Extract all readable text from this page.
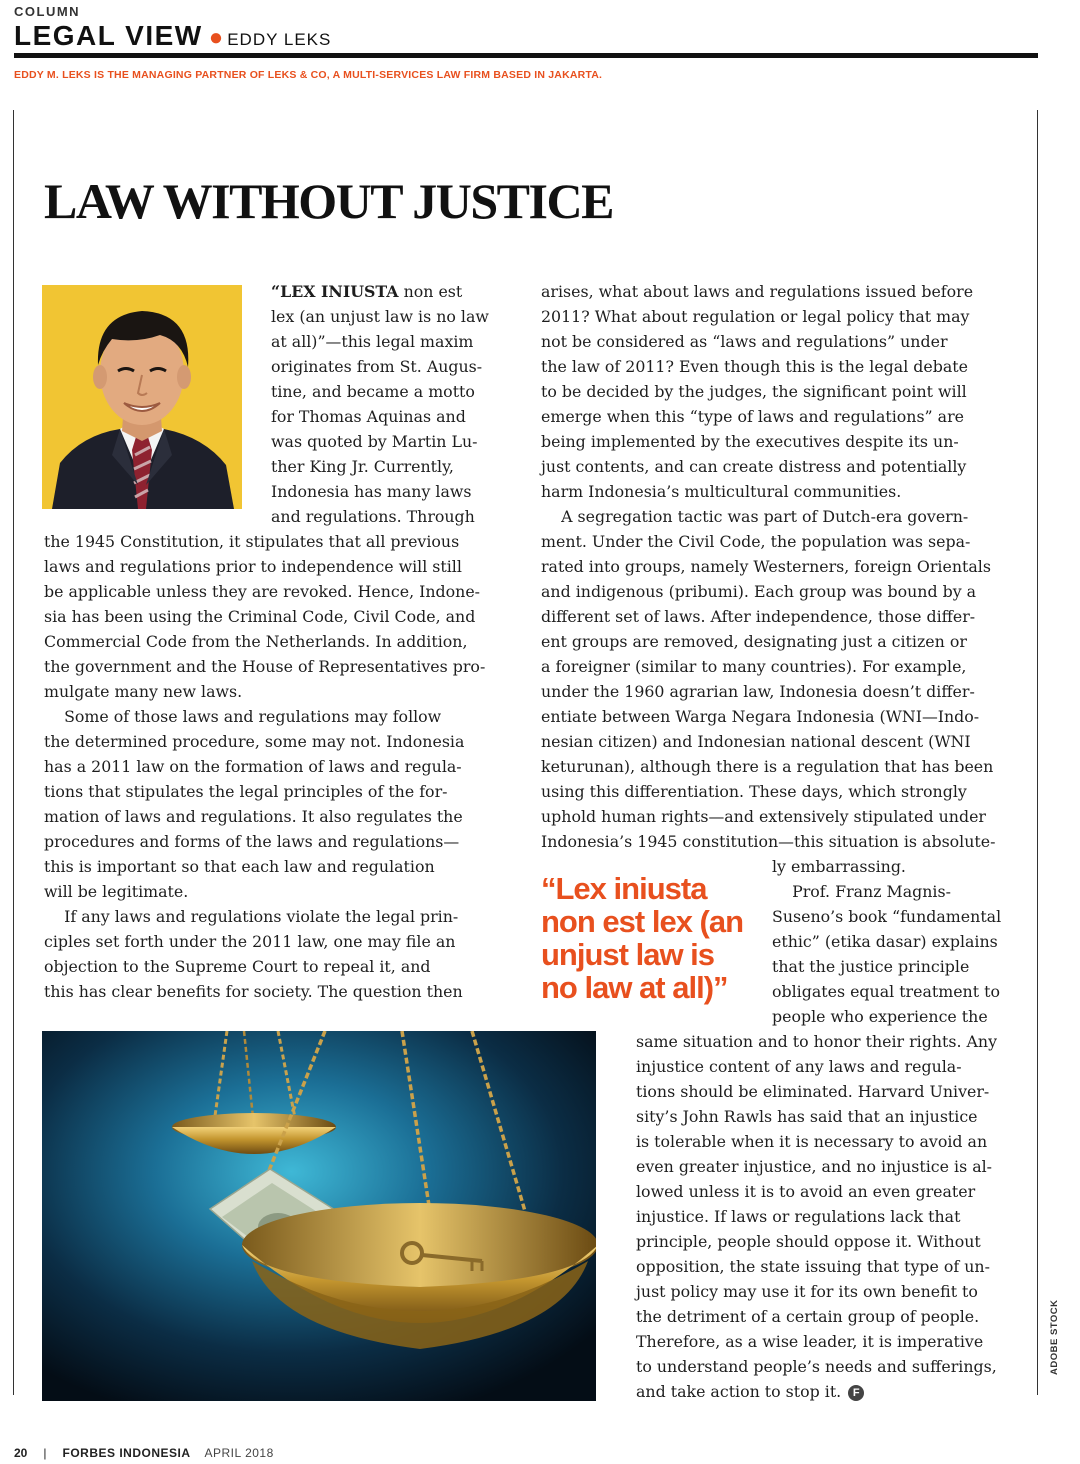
COLUMN
LEGAL VIEW ● EDDY LEKS
EDDY M. LEKS IS THE MANAGING PARTNER OF LEKS & CO, A MULTI-SERVICES LAW FIRM BASED IN JAKARTA.
LAW WITHOUT JUSTICE
“LEX INIUSTA non est
lex (an unjust law is no law
at all)”—this legal maxim
originates from St. Augus-
tine, and became a motto
for Thomas Aquinas and
was quoted by Martin Lu-
ther King Jr. Currently,
Indonesia has many laws
and regulations. Through
the 1945 Constitution, it stipulates that all previous
laws and regulations prior to independence will still
be applicable unless they are revoked. Hence, Indone-
sia has been using the Criminal Code, Civil Code, and
Commercial Code from the Netherlands. In addition,
the government and the House of Representatives pro-
mulgate many new laws.
Some of those laws and regulations may follow
the determined procedure, some may not. Indonesia
has a 2011 law on the formation of laws and regula-
tions that stipulates the legal principles of the for-
mation of laws and regulations. It also regulates the
procedures and forms of the laws and regulations—
this is important so that each law and regulation
will be legitimate.
If any laws and regulations violate the legal prin-
ciples set forth under the 2011 law, one may file an
objection to the Supreme Court to repeal it, and
this has clear benefits for society. The question then
arises, what about laws and regulations issued before
2011? What about regulation or legal policy that may
not be considered as “laws and regulations” under
the law of 2011? Even though this is the legal debate
to be decided by the judges, the significant point will
emerge when this “type of laws and regulations” are
being implemented by the executives despite its un-
just contents, and can create distress and potentially
harm Indonesia’s multicultural communities.
A segregation tactic was part of Dutch-era govern-
ment. Under the Civil Code, the population was sepa-
rated into groups, namely Westerners, foreign Orientals
and indigenous (pribumi). Each group was bound by a
different set of laws. After independence, those differ-
ent groups are removed, designating just a citizen or
a foreigner (similar to many countries). For example,
under the 1960 agrarian law, Indonesia doesn’t differ-
entiate between Warga Negara Indonesia (WNI—Indo-
nesian citizen) and Indonesian national descent (WNI
keturunan), although there is a regulation that has been
using this differentiation. These days, which strongly
uphold human rights—and extensively stipulated under
Indonesia’s 1945 constitution—this situation is absolute-
“Lex iniusta
non est lex (an
unjust law is
no law at all)”
ly embarrassing.
Prof. Franz Magnis-
Suseno’s book “fundamental
ethic” (etika dasar) explains
that the justice principle
obligates equal treatment to
people who experience the
same situation and to honor their rights. Any
injustice content of any laws and regula-
tions should be eliminated. Harvard Univer-
sity’s John Rawls has said that an injustice
is tolerable when it is necessary to avoid an
even greater injustice, and no injustice is al-
lowed unless it is to avoid an even greater
injustice. If laws or regulations lack that
principle, people should oppose it. Without
opposition, the state issuing that type of un-
just policy may use it for its own benefit to
the detriment of a certain group of people.
Therefore, as a wise leader, it is imperative
to understand people’s needs and sufferings,
and take action to stop it. F
ADOBE STOCK
20 | FORBES INDONESIA APRIL 2018
